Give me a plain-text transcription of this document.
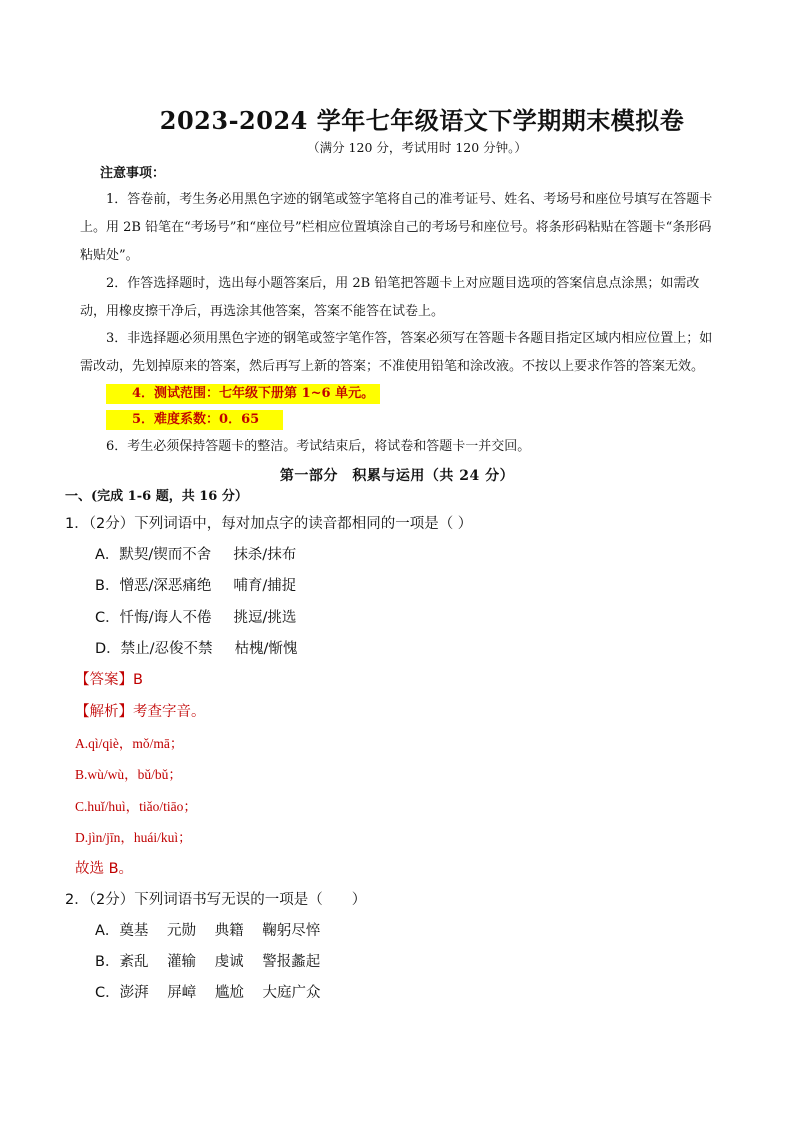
2023-2024 学年七年级语文下学期期末模拟卷
（满分 120 分，考试用时 120 分钟。）
注意事项：

1．答卷前，考生务必用黑色字迹的钢笔或签字笔将自己的准考证号、姓名、考场号和座位号填写在答题卡上。用 2B 铅笔在“考场号”和“座位号”栏相应位置填涂自己的考场号和座位号。将条形码粘贴在答题卡“条形码粘贴处”。

2．作答选择题时，选出每小题答案后，用 2B 铅笔把答题卡上对应题目选项的答案信息点涂黑；如需改动，用橡皮擦干净后，再选涂其他答案，答案不能答在试卷上。

3．非选择题必须用黑色字迹的钢笔或签字笔作答，答案必须写在答题卡各题目指定区域内相应位置上；如需改动，先划掉原来的答案，然后再写上新的答案；不准使用铅笔和涂改液。不按以上要求作答的答案无效。

4．测试范围：七年级下册第 1~6 单元。

5．难度系数：0．65

6．考生必须保持答题卡的整洁。考试结束后，将试卷和答题卡一并交回。

第一部分　积累与运用（共 24 分）
一、(完成 1-6 题，共 16 分）
1．（2分）下列词语中，每对加点字的读音都相同的一项是（ ）
A．默契/锲而不舍 抹杀/抹布
B．憎恶/深恶痛绝 哺育/捕捉
C．忏悔/诲人不倦 挑逗/挑选
D．禁止/忍俊不禁 枯槐/惭愧
【答案】B
【解析】考查字音。
A.qì/qiè，mǒ/mā；
B.wù/wù，bǔ/bǔ；
C.huǐ/huì，tiǎo/tiāo；
D.jìn/jīn，huái/kuì；
故选 B。
2．（2分）下列词语书写无误的一项是（　　）
A．奠基 元勋 典籍 鞠躬尽悴
B．紊乱 灌输 虔诚 警报蠡起
C．澎湃 屏嶂 尴尬 大庭广众
